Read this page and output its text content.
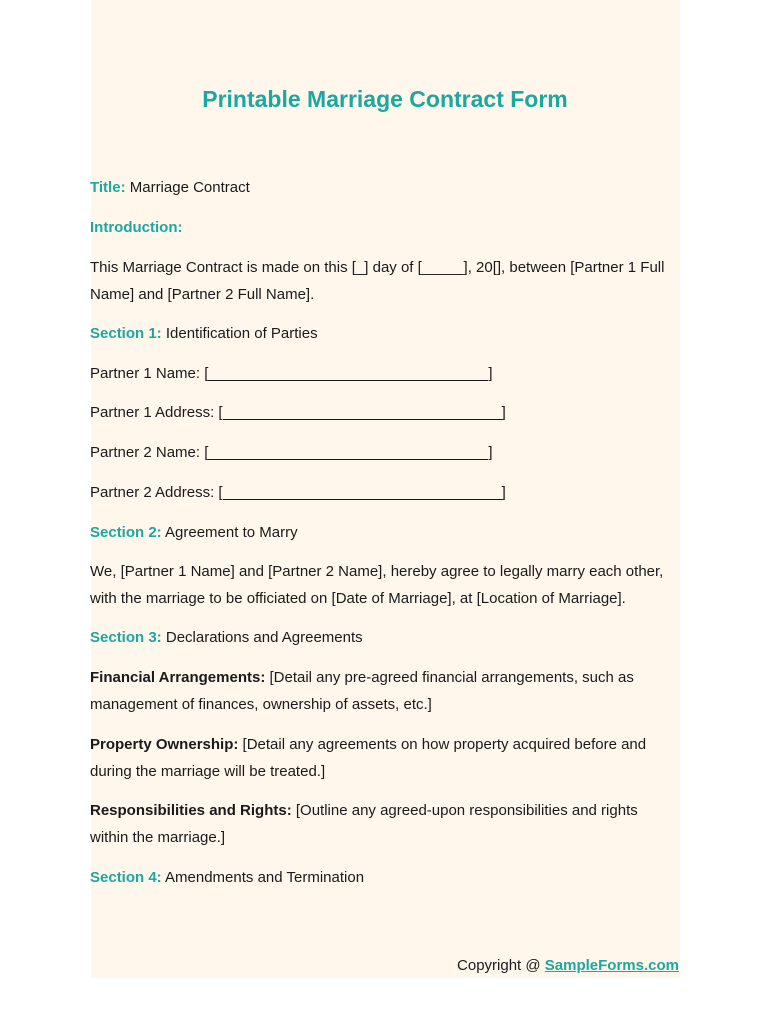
Printable Marriage Contract Form

Title: Marriage Contract

Introduction:

This Marriage Contract is made on this [_] day of [_____], 20[], between [Partner 1 Full Name] and [Partner 2 Full Name].

Section 1: Identification of Parties

Partner 1 Name: [	]

Partner 1 Address: [	]

Partner 2 Name: [	]

Partner 2 Address: [	]

Section 2: Agreement to Marry

We, [Partner 1 Name] and [Partner 2 Name], hereby agree to legally marry each other, with the marriage to be officiated on [Date of Marriage], at [Location of Marriage].

Section 3: Declarations and Agreements

Financial Arrangements: [Detail any pre-agreed financial arrangements, such as management of finances, ownership of assets, etc.]

Property Ownership: [Detail any agreements on how property acquired before and during the marriage will be treated.]

Responsibilities and Rights: [Outline any agreed-upon responsibilities and rights within the marriage.]

Section 4: Amendments and Termination

Copyright @ SampleForms.com
